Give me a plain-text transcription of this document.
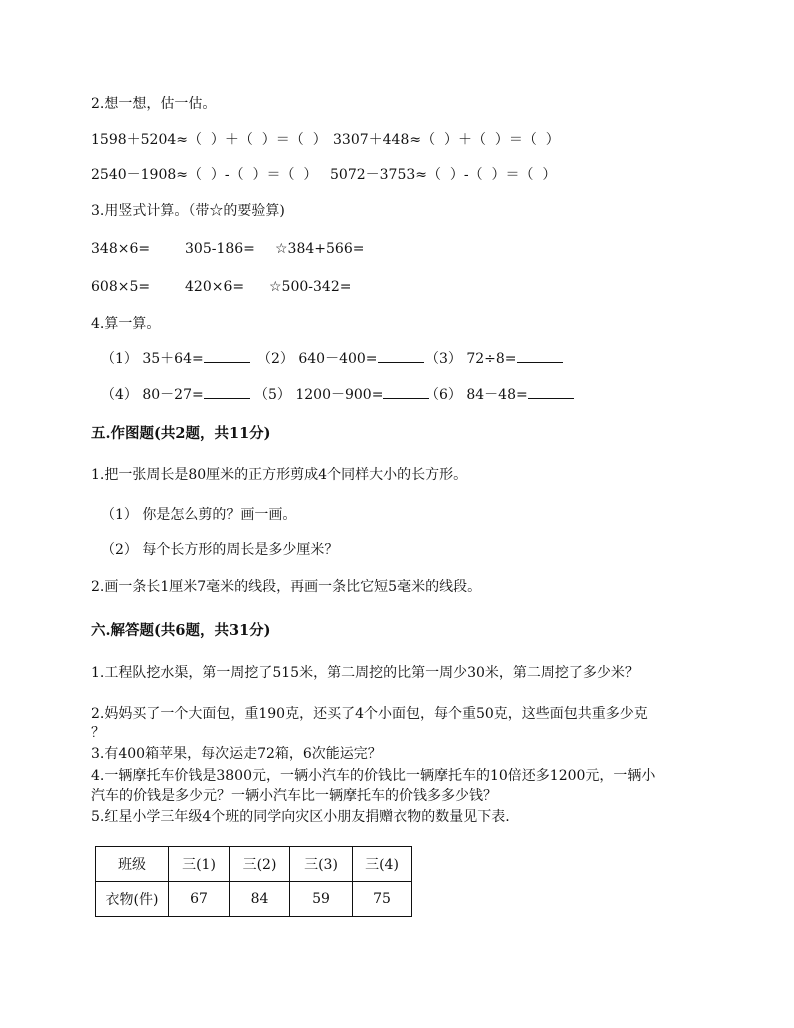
2.想一想，估一估。

1598＋5204≈（  ）＋（  ）＝（  ）

3307＋448≈（  ）＋（  ）＝（  ）

2540－1908≈（  ）-（  ）＝（  ）

5072－3753≈（  ）-（  ）＝（  ）

3.用竖式计算。（带☆的要验算)

348×6=

305-186=

☆384+566=

608×5=

420×6=

☆500-342=

4.算一算。

（1） 35＋64=

	（2） 640－400=

	（3） 72÷8=

（4） 80－27=

	（5） 1200－900=

	（6） 84－48=

五.作图题(共2题，共11分)
1.把一张周长是80厘米的正方形剪成4个同样大小的长方形。
（1） 你是怎么剪的？画一画。
（2） 每个长方形的周长是多少厘米？
2.画一条长1厘米7毫米的线段，再画一条比它短5毫米的线段。
六.解答题(共6题，共31分)
1.工程队挖水渠，第一周挖了515米，第二周挖的比第一周少30米，第二周挖了多少米？
2.妈妈买了一个大面包，重190克，还买了4个小面包，每个重50克，这些面包共重多少克
？
3.有400箱苹果，每次运走72箱，6次能运完？
4.一辆摩托车价钱是3800元，一辆小汽车的价钱比一辆摩托车的10倍还多1200元，一辆小
汽车的价钱是多少元？一辆小汽车比一辆摩托车的价钱多多少钱？
5.红星小学三年级4个班的同学向灾区小朋友捐赠衣物的数量见下表.
班级	三(1)	三(2)	三(3)	三(4)
衣物(件)	67	84	59	75
